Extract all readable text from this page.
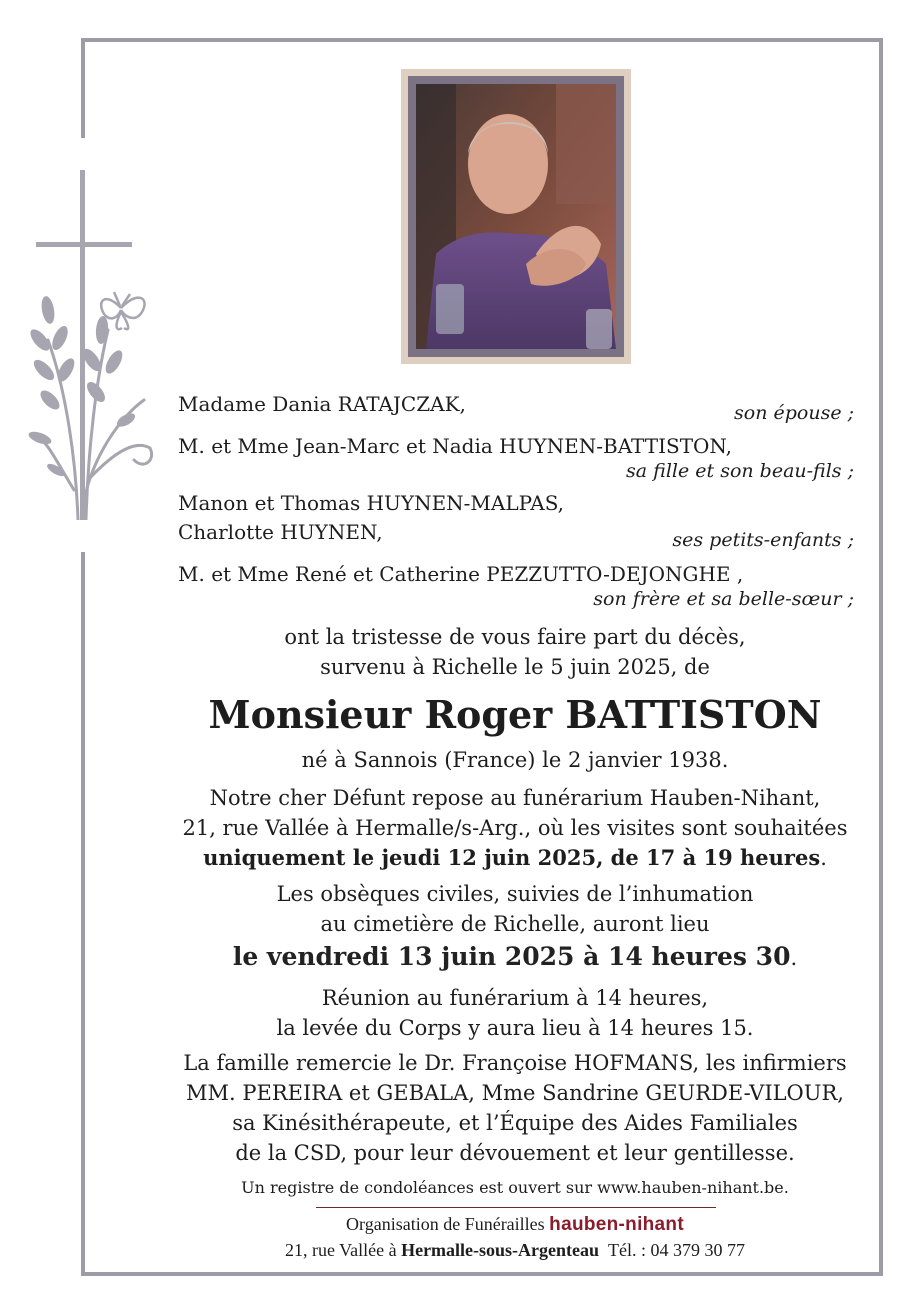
Madame Dania RATAJCZAK,	son épouse ;
M. et Mme Jean-Marc et Nadia HUYNEN-BATTISTON,
sa fille et son beau-fils ;
Manon et Thomas HUYNEN-MALPAS,
Charlotte HUYNEN,	ses petits-enfants ;
M. et Mme René et Catherine PEZZUTTO-DEJONGHE ,
son frère et sa belle-sœur ;
ont la tristesse de vous faire part du décès,
survenu à Richelle le 5 juin 2025, de
Monsieur Roger BATTISTON
né à Sannois (France) le 2 janvier 1938.
Notre cher Défunt repose au funérarium Hauben-Nihant,
21, rue Vallée à Hermalle/s-Arg., où les visites sont souhaitées
uniquement le jeudi 12 juin 2025, de 17 à 19 heures.
Les obsèques civiles, suivies de l’inhumation
au cimetière de Richelle, auront lieu
le vendredi 13 juin 2025 à 14 heures 30.
Réunion au funérarium à 14 heures,
la levée du Corps y aura lieu à 14 heures 15.
La famille remercie le Dr. Françoise HOFMANS, les infirmiers
MM. PEREIRA et GEBALA, Mme Sandrine GEURDE-VILOUR,
sa Kinésithérapeute, et l’Équipe des Aides Familiales
de la CSD, pour leur dévouement et leur gentillesse.
Un registre de condoléances est ouvert sur www.hauben-nihant.be.
Organisation de Funérailles hauben-nihant
21, rue Vallée à Hermalle-sous-Argenteau Tél. : 04 379 30 77
